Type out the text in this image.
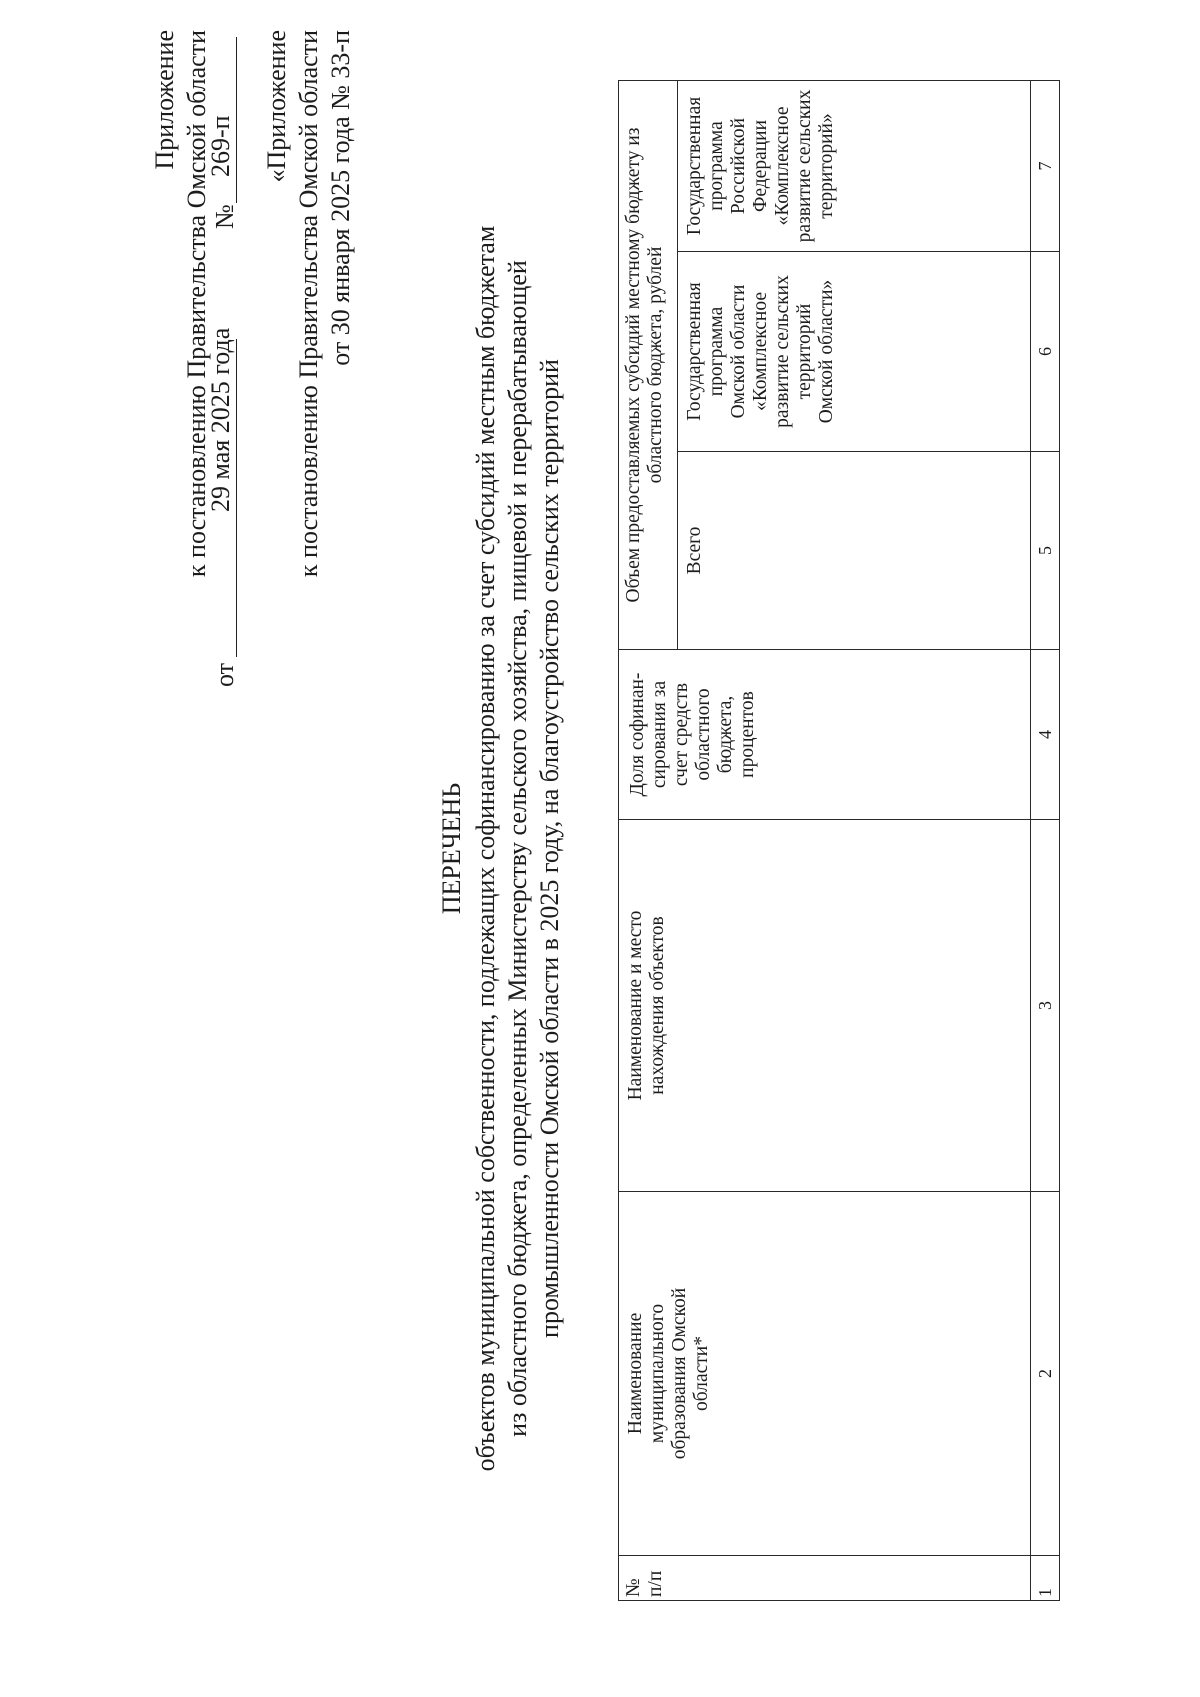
Приложение к постановлению Правительства Омской области
от
29 мая 2025 года
№
269-п «Приложение к постановлению Правительства Омской области от 30 января 2025 года № 33-п
ПЕРЕЧЕНЬ объектов муниципальной собственности, подлежащих софинансированию за счет субсидий местным бюджетам из областного бюджета, определенных Министерству сельского хозяйства, пищевой и перерабатывающей промышленности Омской области в 2025 году, на благоустройство сельских территорий
№ п/п	Наименование муниципального образования Омской области*	Наименование и место нахождения объектов	Доля софинан-сирования за счет средств областного бюджета, процентов	Объем предоставляемых субсидий местному бюджету из областного бюджета, рублей		
				Всего	Государственная программа Омской области «Комплексное развитие сельских территорий Омской области»	Государственная программа Российской Федерации «Комплексное развитие сельских территорий»
1	2	3	4	5	6	7
